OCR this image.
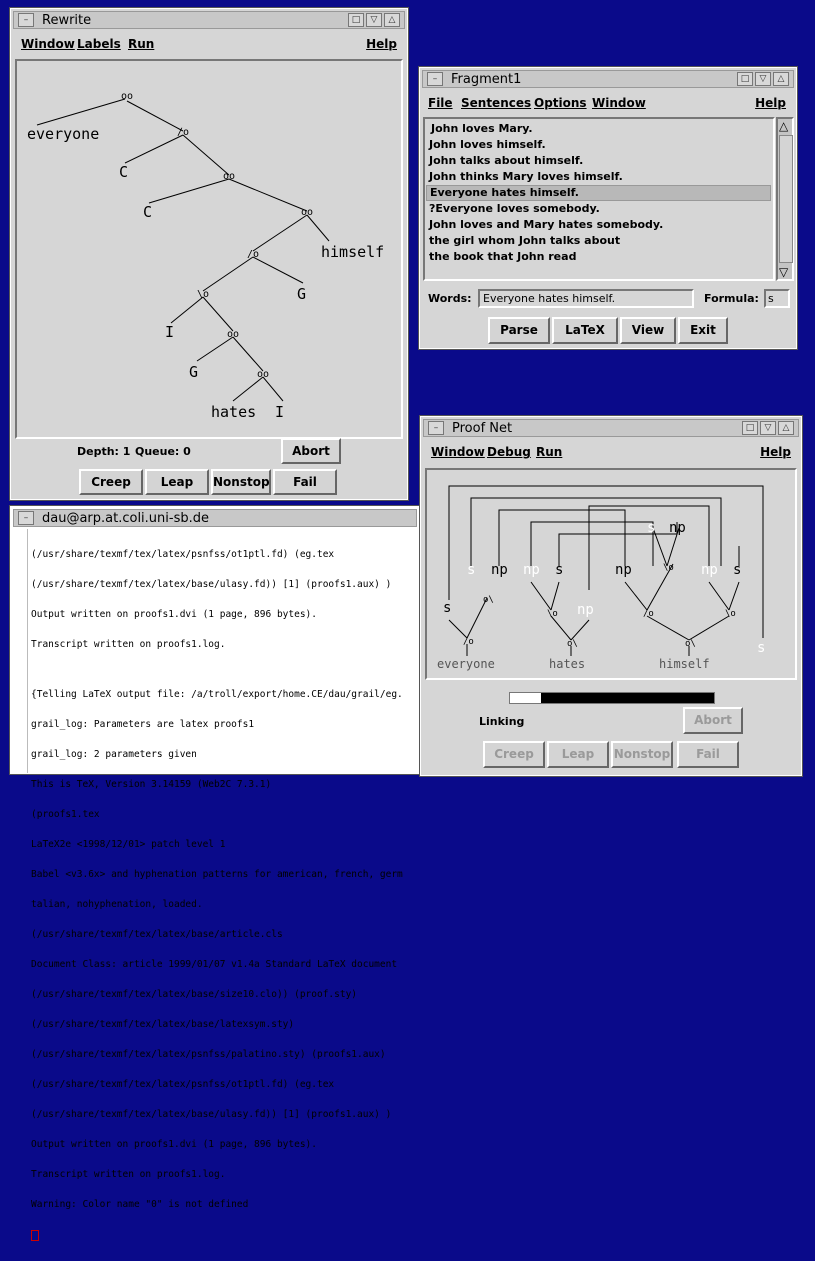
–	Rewrite	□	▽	△
Window Labels Run	Help
oo
∕o
oo
oo
/o
\o
oo
oo
everyone
C
C
himself
G
I
G
hates I
Depth: 1 Queue: 0	Abort
Creep	Leap	Nonstop	Fail
–	Fragment1	□	▽	△
File Sentences Options Window	Help
John loves Mary.
John loves himself.
John talks about himself.
John thinks Mary loves himself.
Everyone hates himself.
?Everyone loves somebody.
John loves and Mary hates somebody.
the girl whom John talks about
the book that John read
△
▽
Words: Everyone hates himself.	Formula: s
Parse	LaTeX	View	Exit
–	dau@arp.at.coli.uni-sb.de

(/usr/share/texmf/tex/latex/psnfss/ot1ptl.fd) (eg.tex

(/usr/share/texmf/tex/latex/base/ulasy.fd)) [1] (proofs1.aux) )

Output written on proofs1.dvi (1 page, 896 bytes).

Transcript written on proofs1.log.

{Telling LaTeX output file: /a/troll/export/home.CE/dau/grail/eg.

grail_log: Parameters are latex proofs1

grail_log: 2 parameters given

This is TeX, Version 3.14159 (Web2C 7.3.1)

(proofs1.tex

LaTeX2e <1998/12/01> patch level 1

Babel <v3.6x> and hyphenation patterns for american, french, germ

talian, nohyphenation, loaded.

(/usr/share/texmf/tex/latex/base/article.cls

Document Class: article 1999/01/07 v1.4a Standard LaTeX document

(/usr/share/texmf/tex/latex/base/size10.clo)) (proof.sty)

(/usr/share/texmf/tex/latex/base/latexsym.sty)

(/usr/share/texmf/tex/latex/psnfss/palatino.sty) (proofs1.aux)

(/usr/share/texmf/tex/latex/psnfss/ot1ptl.fd) (eg.tex

(/usr/share/texmf/tex/latex/base/ulasy.fd)) [1] (proofs1.aux) )

Output written on proofs1.dvi (1 page, 896 bytes).

Transcript written on proofs1.log.

Warning: Color name "0" is not defined

–	Proof Net	□	▽	△
Window Debug Run	Help
/o
o\
\o
o\
/o
\o
o\
\o
s
s np np s
np
np
s np
np s
s
everyone	hates	himself
Linking	Abort
Creep	Leap	Nonstop	Fail
